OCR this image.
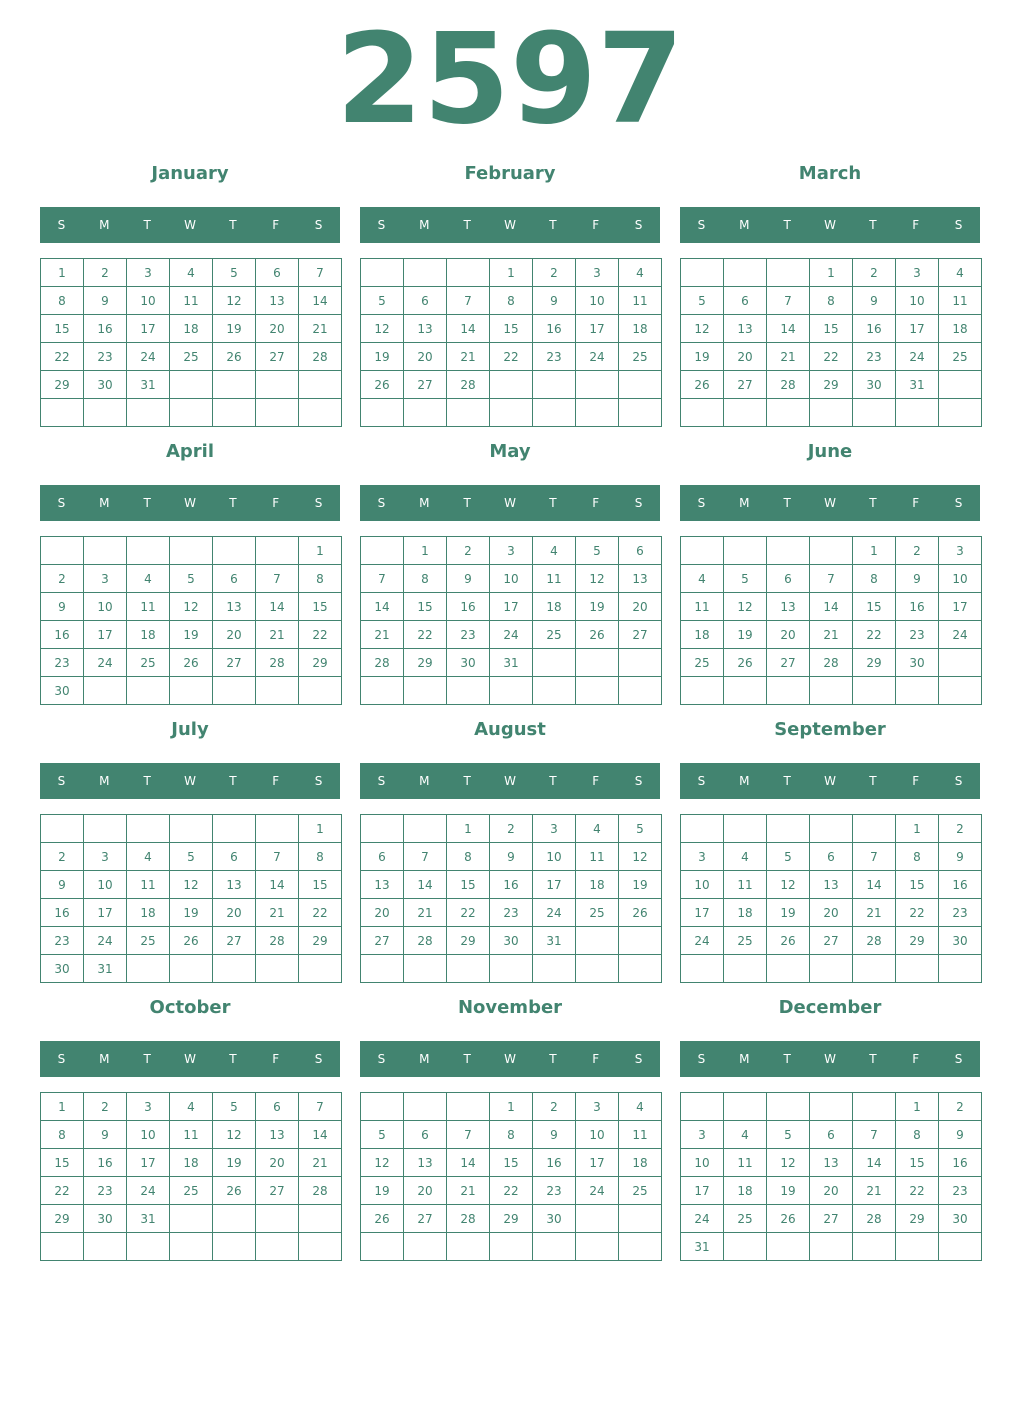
2597
January
S	M	T	W	T	F	S
1	2	3	4	5	6	7
8	9	10	11	12	13	14
15	16	17	18	19	20	21
22	23	24	25	26	27	28
29	30	31				

February
S	M	T	W	T	F	S
			1	2	3	4
5	6	7	8	9	10	11
12	13	14	15	16	17	18
19	20	21	22	23	24	25
26	27	28				

March
S	M	T	W	T	F	S
			1	2	3	4
5	6	7	8	9	10	11
12	13	14	15	16	17	18
19	20	21	22	23	24	25
26	27	28	29	30	31	

April
S	M	T	W	T	F	S
						1
2	3	4	5	6	7	8
9	10	11	12	13	14	15
16	17	18	19	20	21	22
23	24	25	26	27	28	29
30						
May
S	M	T	W	T	F	S
	1	2	3	4	5	6
7	8	9	10	11	12	13
14	15	16	17	18	19	20
21	22	23	24	25	26	27
28	29	30	31			

June
S	M	T	W	T	F	S
				1	2	3
4	5	6	7	8	9	10
11	12	13	14	15	16	17
18	19	20	21	22	23	24
25	26	27	28	29	30	

July
S	M	T	W	T	F	S
						1
2	3	4	5	6	7	8
9	10	11	12	13	14	15
16	17	18	19	20	21	22
23	24	25	26	27	28	29
30	31					
August
S	M	T	W	T	F	S
		1	2	3	4	5
6	7	8	9	10	11	12
13	14	15	16	17	18	19
20	21	22	23	24	25	26
27	28	29	30	31		

September
S	M	T	W	T	F	S
					1	2
3	4	5	6	7	8	9
10	11	12	13	14	15	16
17	18	19	20	21	22	23
24	25	26	27	28	29	30

October
S	M	T	W	T	F	S
1	2	3	4	5	6	7
8	9	10	11	12	13	14
15	16	17	18	19	20	21
22	23	24	25	26	27	28
29	30	31				

November
S	M	T	W	T	F	S
			1	2	3	4
5	6	7	8	9	10	11
12	13	14	15	16	17	18
19	20	21	22	23	24	25
26	27	28	29	30		

December
S	M	T	W	T	F	S
					1	2
3	4	5	6	7	8	9
10	11	12	13	14	15	16
17	18	19	20	21	22	23
24	25	26	27	28	29	30
31						
